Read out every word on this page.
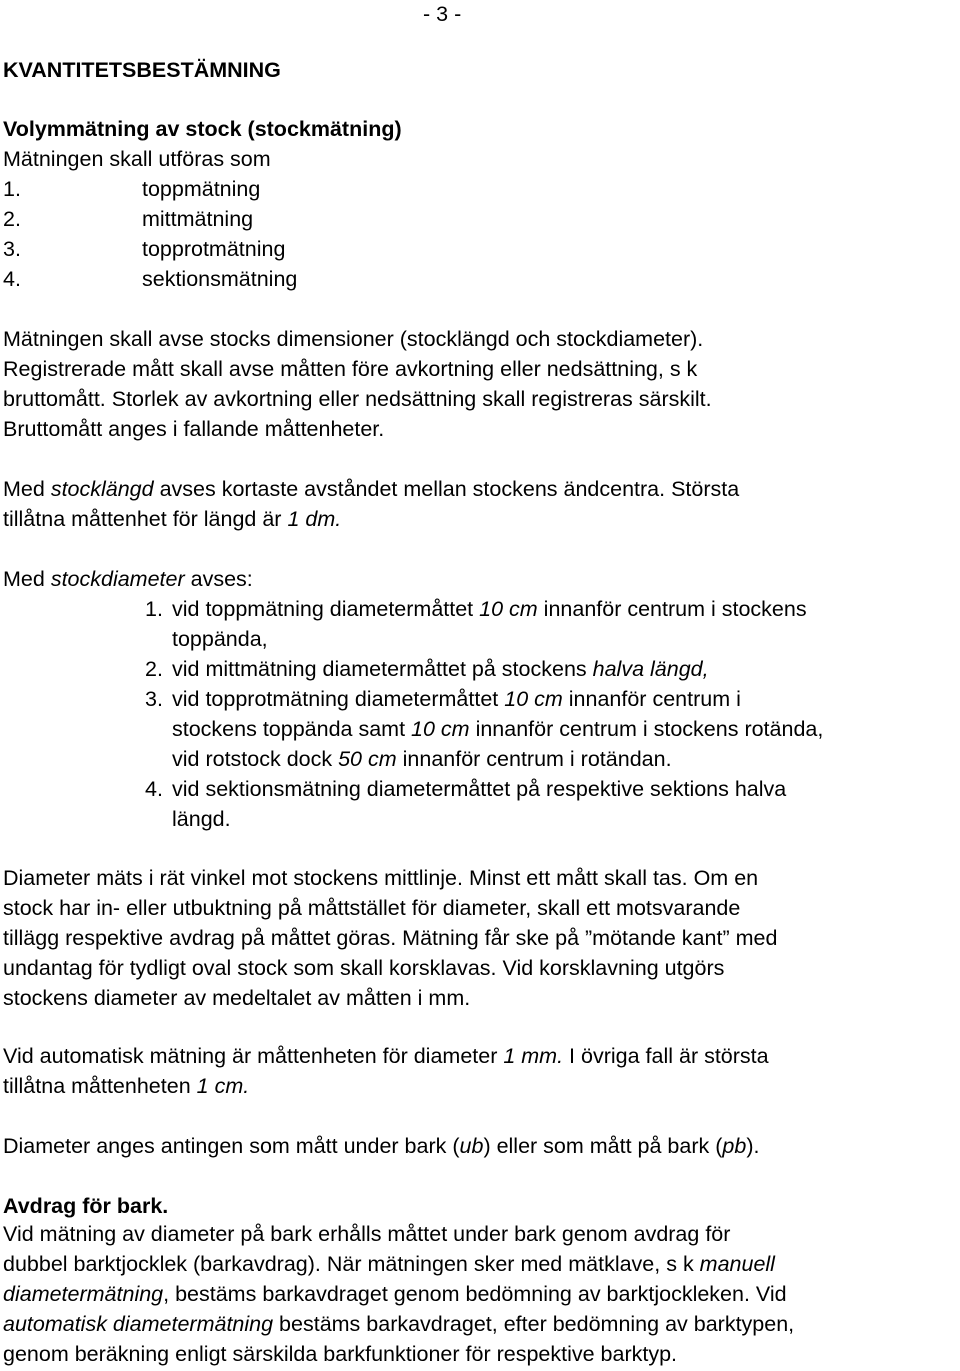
- 3 -
KVANTITETSBESTÄMNING
Volymmätning av stock (stockmätning)
Mätningen skall utföras som
1.	toppmätning
2.	mittmätning
3.	topprotmätning
4.	sektionsmätning
Mätningen skall avse stocks dimensioner (stocklängd och stockdiameter).
Registrerade mått skall avse måtten före avkortning eller nedsättning, s k
bruttomått. Storlek av avkortning eller nedsättning skall registreras särskilt.
Bruttomått anges i fallande måttenheter.
Med stocklängd avses kortaste avståndet mellan stockens ändcentra. Största
tillåtna måttenhet för längd är 1 dm.
Med stockdiameter avses:
1. vid toppmätning diametermåttet 10 cm innanför centrum i stockens
toppända,
2. vid mittmätning diametermåttet på stockens halva längd,
3. vid topprotmätning diametermåttet 10 cm innanför centrum i
stockens toppända samt 10 cm innanför centrum i stockens rotända,
vid rotstock dock 50 cm innanför centrum i rotändan.
4. vid sektionsmätning diametermåttet på respektive sektions halva
längd.
Diameter mäts i rät vinkel mot stockens mittlinje. Minst ett mått skall tas. Om en
stock har in- eller utbuktning på måttstället för diameter, skall ett motsvarande
tillägg respektive avdrag på måttet göras. Mätning får ske på ”mötande kant” med
undantag för tydligt oval stock som skall korsklavas. Vid korsklavning utgörs
stockens diameter av medeltalet av måtten i mm.
Vid automatisk mätning är måttenheten för diameter 1 mm. I övriga fall är största
tillåtna måttenheten 1 cm.
Diameter anges antingen som mått under bark (ub) eller som mått på bark (pb).
Avdrag för bark.
Vid mätning av diameter på bark erhålls måttet under bark genom avdrag för
dubbel barktjocklek (barkavdrag). När mätningen sker med mätklave, s k manuell
diametermätning, bestäms barkavdraget genom bedömning av barktjockleken. Vid
automatisk diametermätning bestäms barkavdraget, efter bedömning av barktypen,
genom beräkning enligt särskilda barkfunktioner för respektive barktyp.
